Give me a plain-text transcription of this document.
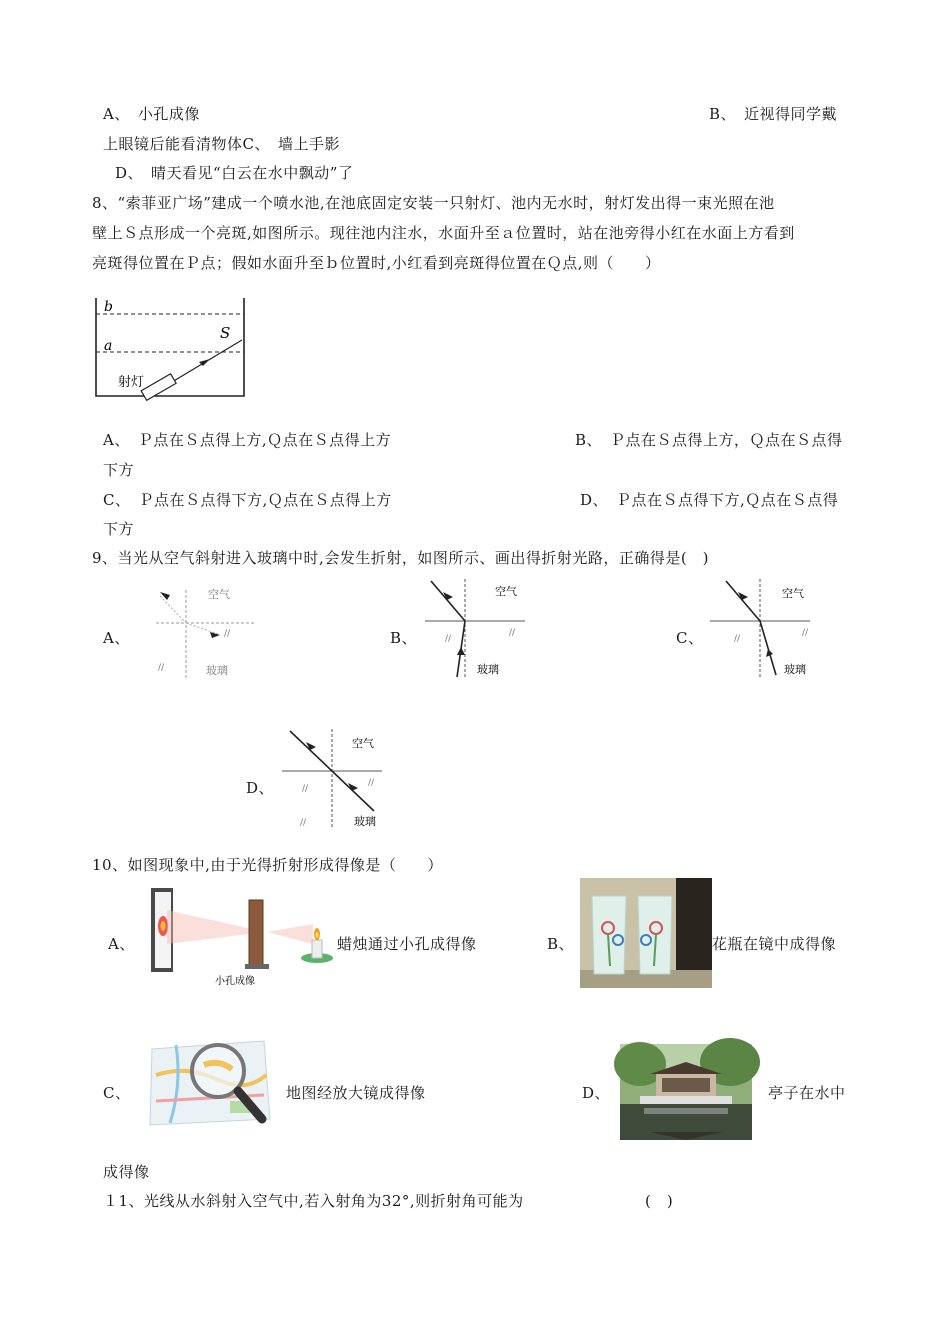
A、　小孔成像	B、　近视得同学戴
上眼镜后能看清物体﻿C、　墙上手影
D、　晴天看见“白云在水中飘动”了
8、“索菲亚广场”建成一个喷水池,在池底固定安装一只射灯、池内无水时，射灯发出得一束光照在池
壁上Ｓ点形成一个亮斑,如图所示。现往池内注水，水面升至ａ位置时，站在池旁得小红在水面上方看到
亮斑得位置在Ｐ点；假如水面升至ｂ位置时,小红看到亮斑得位置在Ｑ点,则（　　）﻿
b
a
S
射灯
A、　Ｐ点在Ｓ点得上方,Ｑ点在Ｓ点得上方	B、　Ｐ点在Ｓ点得上方，Ｑ点在Ｓ点得
下方
C、　Ｐ点在Ｓ点得下方,Ｑ点在Ｓ点得上方	D、　Ｐ点在Ｓ点得下方,Ｑ点在Ｓ点得
下方
9、当光从空气斜射进入玻璃中时,会发生折射，如图所示、画出得折射光路，正确得是(　)
A、
空气
//
//	玻璃
B、
空气
//
//
玻璃
C、
空气
//
//
玻璃
D、
空气
//
//
//	玻璃
10、如图现象中,由于光得折射形成得像是（　　）
A、
小孔成像
蜡烛通过小孔成得像	B、	花瓶在镜中成得像
C、	地图经放大镜成得像	D、	亭子在水中
成得像
１1、光线从水斜射入空气中,若入射角为32°,则折射角可能为	(　)
